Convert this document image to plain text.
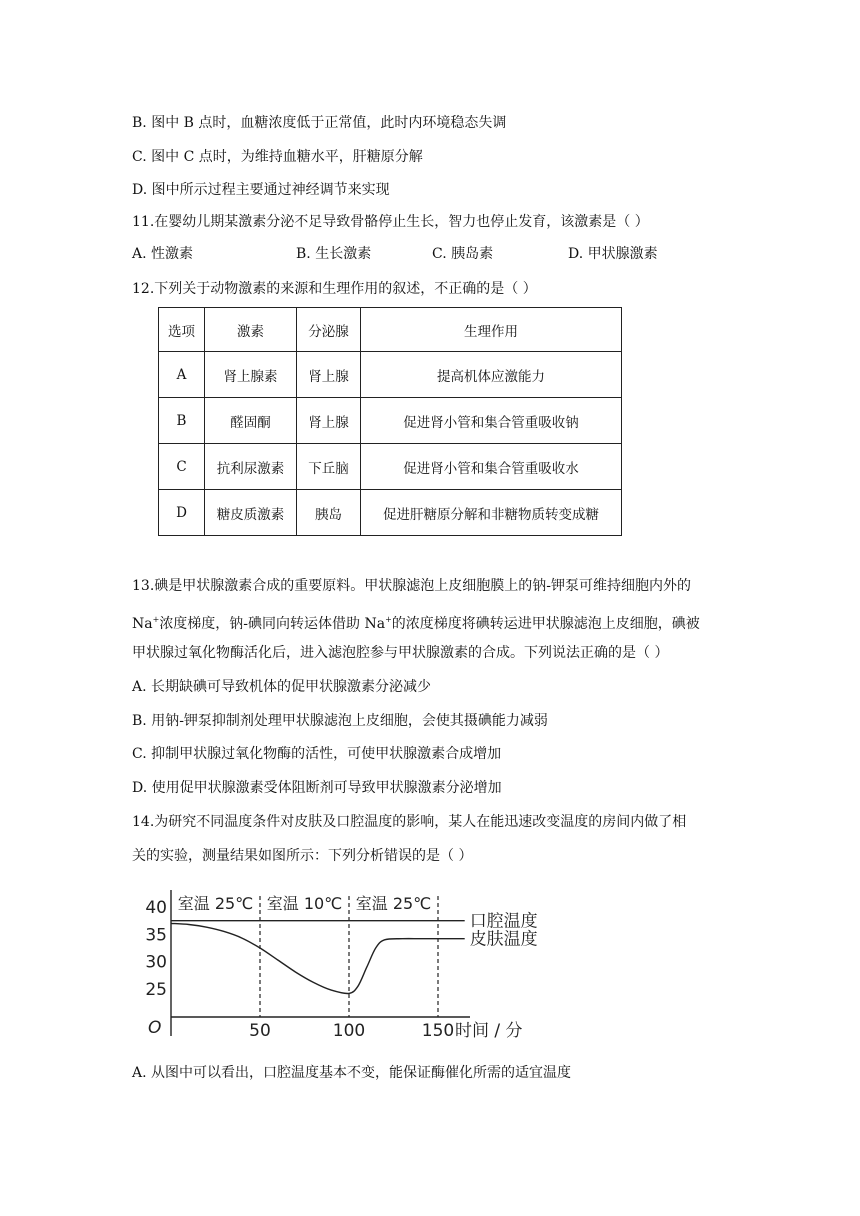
B. 图中 B 点时，血糖浓度低于正常值，此时内环境稳态失调
C. 图中 C 点时，为维持血糖水平，肝糖原分解
D. 图中所示过程主要通过神经调节来实现
11.在婴幼儿期某激素分泌不足导致骨骼停止生长，智力也停止发育，该激素是（ ）
A. 性激素	B. 生长激素	C. 胰岛素	D. 甲状腺激素
12.下列关于动物激素的来源和生理作用的叙述，不正确的是（ ）
选项	激素	分泌腺	生理作用
A	肾上腺素	肾上腺	提高机体应激能力
B	醛固酮	肾上腺	促进肾小管和集合管重吸收钠
C	抗利尿激素	下丘脑	促进肾小管和集合管重吸收水
D	糖皮质激素	胰岛	促进肝糖原分解和非糖物质转变成糖
13.碘是甲状腺激素合成的重要原料。甲状腺滤泡上皮细胞膜上的钠-钾泵可维持细胞内外的
Na+浓度梯度，钠-碘同向转运体借助 Na+的浓度梯度将碘转运进甲状腺滤泡上皮细胞，碘被
甲状腺过氧化物酶活化后，进入滤泡腔参与甲状腺激素的合成。下列说法正确的是（ ）
A. 长期缺碘可导致机体的促甲状腺激素分泌减少
B. 用钠-钾泵抑制剂处理甲状腺滤泡上皮细胞，会使其摄碘能力减弱
C. 抑制甲状腺过氧化物酶的活性，可使甲状腺激素合成增加
D. 使用促甲状腺激素受体阻断剂可导致甲状腺激素分泌增加
14.为研究不同温度条件对皮肤及口腔温度的影响，某人在能迅速改变温度的房间内做了相
关的实验，测量结果如图所示：下列分析错误的是（ ）
室温 25℃ 室温 10℃ 室温 25℃
25
30
35
40
50	100	150
口腔温度
皮肤温度
O	时间 / 分
A. 从图中可以看出，口腔温度基本不变，能保证酶催化所需的适宜温度
